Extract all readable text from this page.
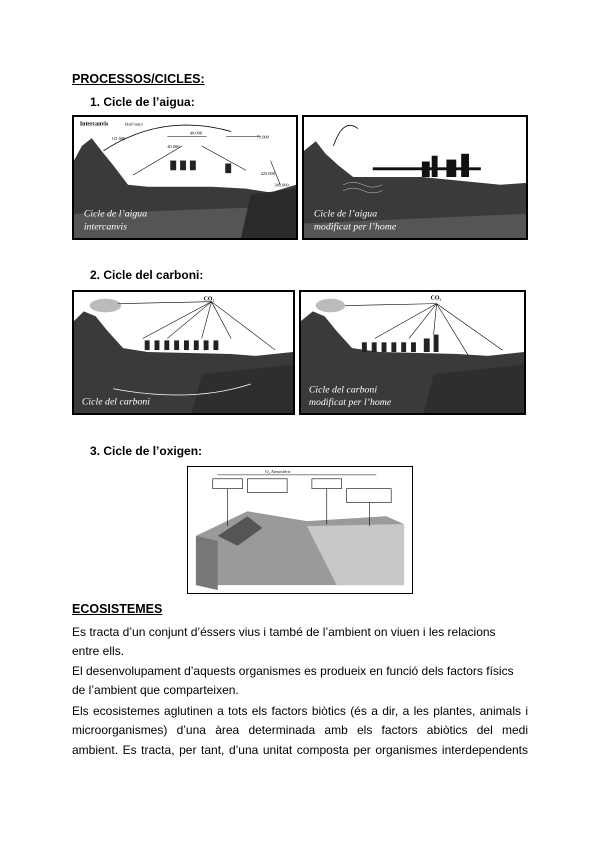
PROCESSOS/CICLES:
1. Cicle de l’aigua:
Intercanvis	(km³/any)
111.000
40.000
40.000
71.000
425.000
385.000
Cicle de l’aigua
intercanvis
Cicle de l’aigua
modificat per l’home
2. Cicle del carboni:
CO₂
Cicle del carboni
CO₂
Cicle del carboni
modificat per l’home
3. Cicle de l’oxigen:
O₂ Atmosfèric
ECOSISTEMES
Es tracta d’un conjunt d’éssers vius i també de l’ambient on viuen i les relacions
entre ells.
El desenvolupament d’aquests organismes es produeix en funció dels factors físics
de l’ambient que comparteixen.
Els ecosistemes aglutinen a tots els factors biòtics (és a dir, a les plantes, animals i
microorganismes) d’una àrea determinada amb els factors abiòtics del medi
ambient. Es tracta, per tant, d’una unitat composta per organismes interdependents
